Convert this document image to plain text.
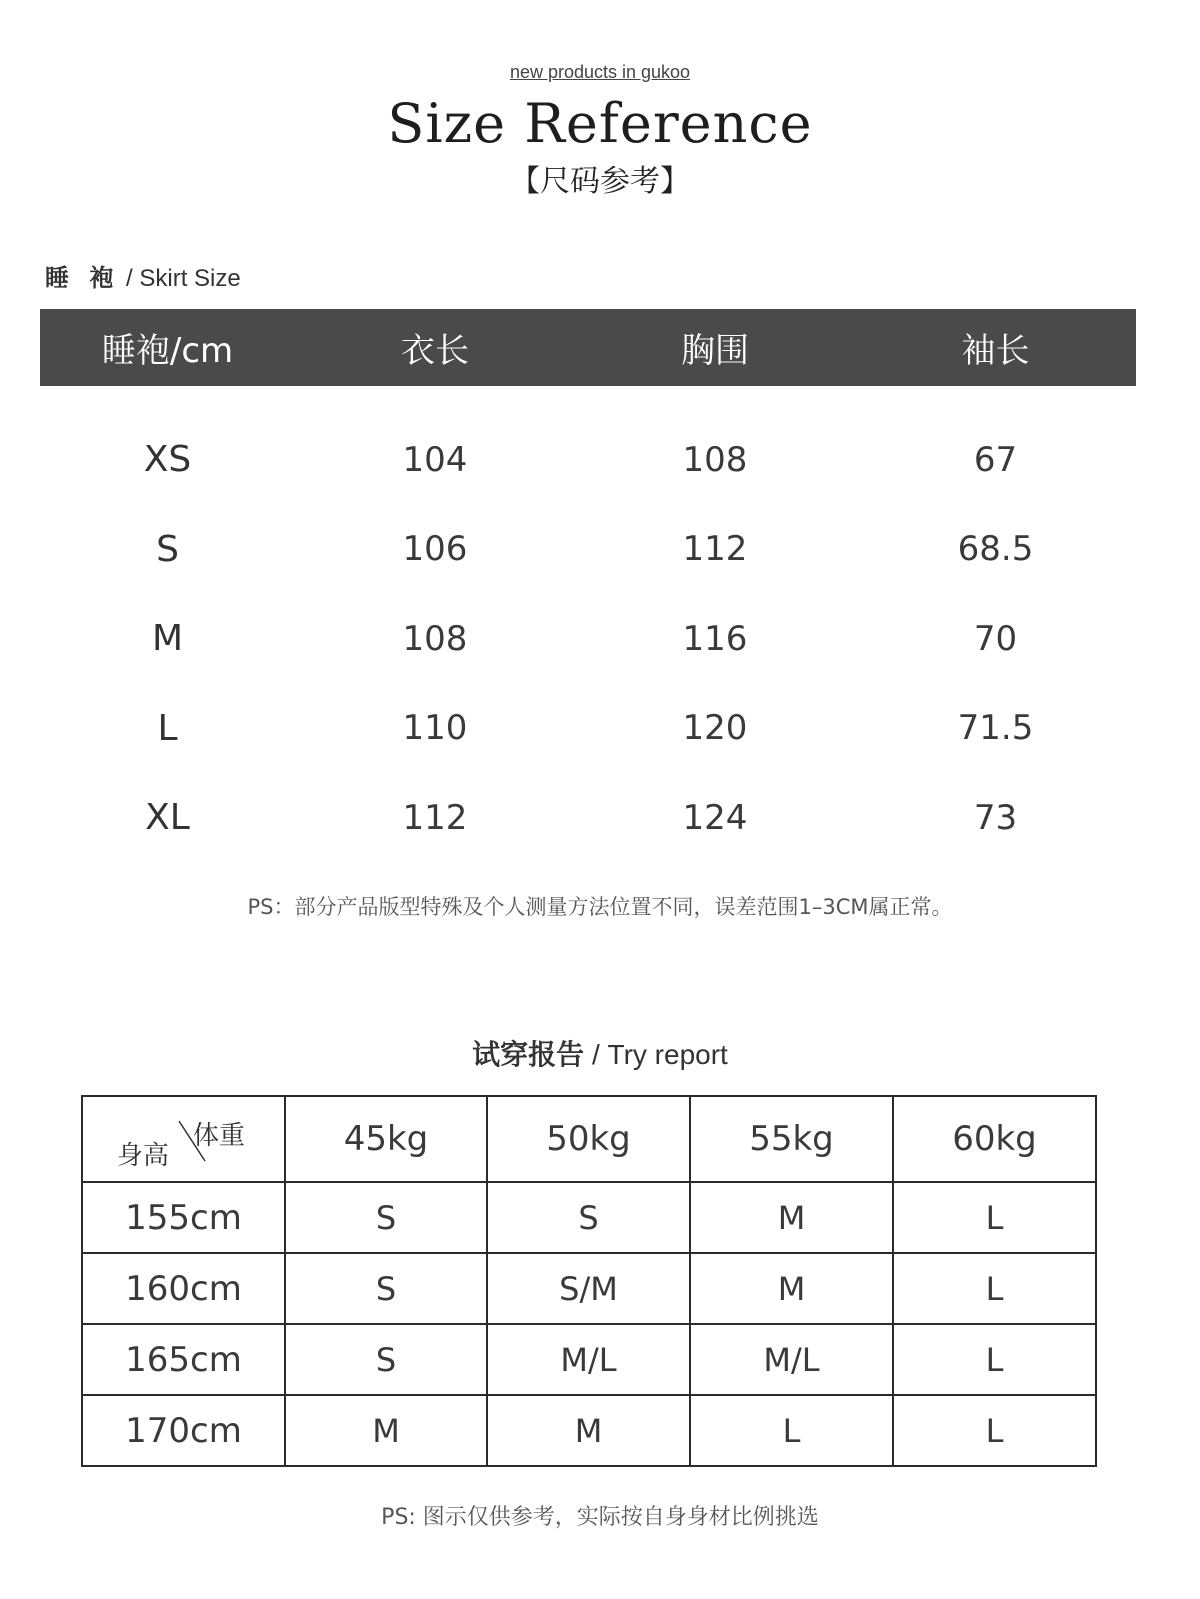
new products in gukoo
Size Reference
【尺码参考】
睡 袍 / Skirt Size
睡袍/cm	衣长	胸围	袖长
XS	104	108	67
S	106	112	68.5
M	108	116	70
L	110	120	71.5
XL	112	124	73
PS：部分产品版型特殊及个人测量方法位置不同，误差范围1–3CM属正常。
试穿报告 / Try report
身高
体重	45kg	50kg	55kg	60kg
155cm	S	S	M	L
160cm	S	S/M	M	L
165cm	S	M/L	M/L	L
170cm	M	M	L	L
PS: 图示仅供参考，实际按自身身材比例挑选
